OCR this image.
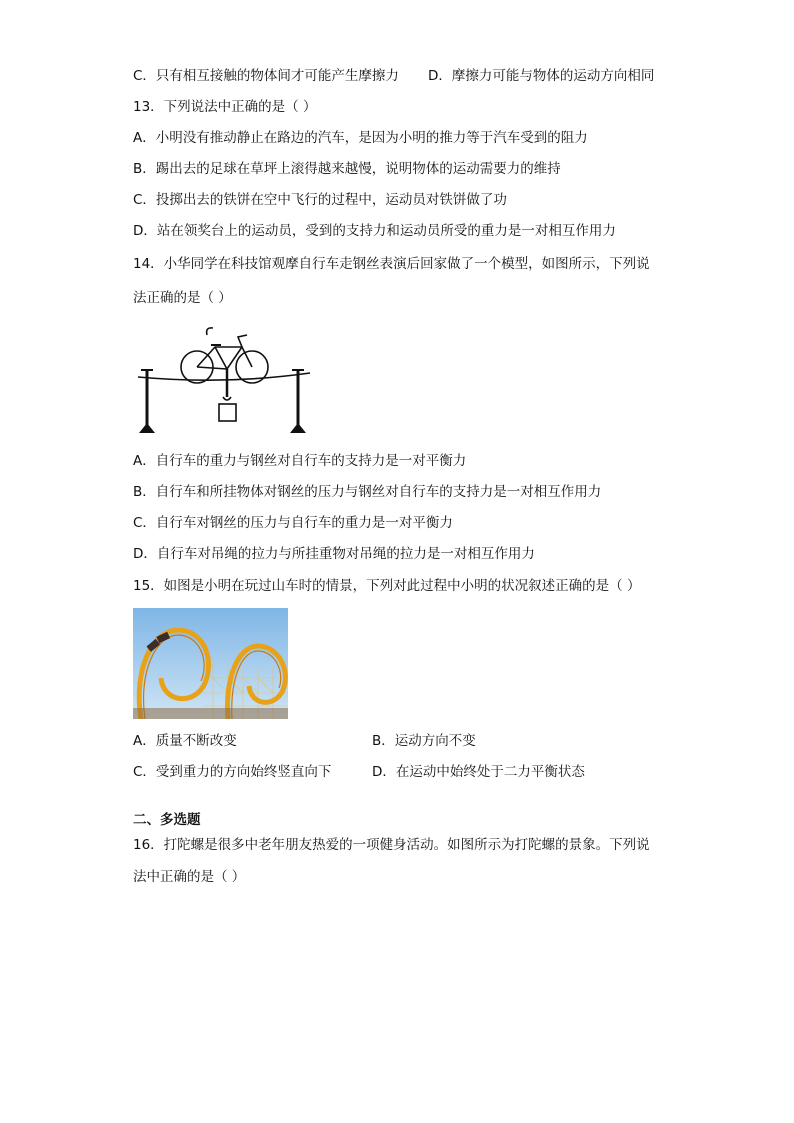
C．只有相互接触的物体间才可能产生摩擦力 D．摩擦力可能与物体的运动方向相同
13．下列说法中正确的是（ ）
A．小明没有推动静止在路边的汽车，是因为小明的推力等于汽车受到的阻力
B．踢出去的足球在草坪上滚得越来越慢，说明物体的运动需要力的维持
C．投掷出去的铁饼在空中飞行的过程中，运动员对铁饼做了功
D．站在领奖台上的运动员，受到的支持力和运动员所受的重力是一对相互作用力
14．小华同学在科技馆观摩自行车走钢丝表演后回家做了一个模型，如图所示，下列说
法正确的是（ ）
A．自行车的重力与钢丝对自行车的支持力是一对平衡力
B．自行车和所挂物体对钢丝的压力与钢丝对自行车的支持力是一对相互作用力
C．自行车对钢丝的压力与自行车的重力是一对平衡力
D．自行车对吊绳的拉力与所挂重物对吊绳的拉力是一对相互作用力
15．如图是小明在玩过山车时的情景，下列对此过程中小明的状况叙述正确的是（ ）
A．质量不断改变	B．运动方向不变
C．受到重力的方向始终竖直向下	D．在运动中始终处于二力平衡状态
二、多选题
16．打陀螺是很多中老年朋友热爱的一项健身活动。如图所示为打陀螺的景象。下列说
法中正确的是（ ）
